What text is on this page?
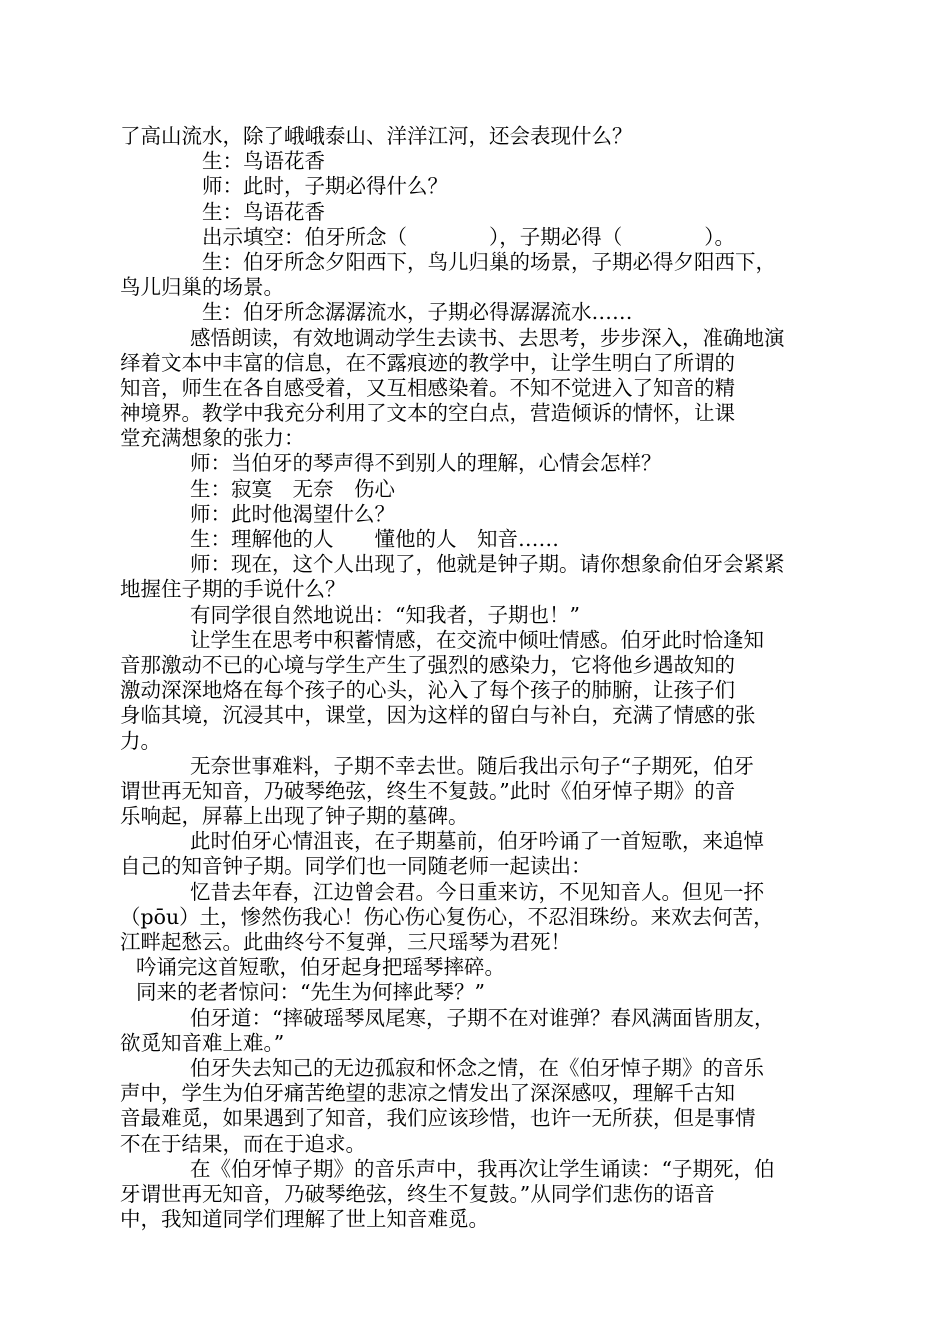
了高山流水，除了峨峨泰山、洋洋江河，还会表现什么？

生：鸟语花香

师：此时，子期必得什么？

生：鸟语花香

出示填空：伯牙所念（　　　　），子期必得（　　　　）。

生：伯牙所念夕阳西下，鸟儿归巢的场景，子期必得夕阳西下，

鸟儿归巢的场景。

生：伯牙所念潺潺流水，子期必得潺潺流水……

感悟朗读，有效地调动学生去读书、去思考，步步深入，准确地演

绎着文本中丰富的信息，在不露痕迹的教学中，让学生明白了所谓的

知音，师生在各自感受着，又互相感染着。不知不觉进入了知音的精

神境界。教学中我充分利用了文本的空白点，营造倾诉的情怀，让课

堂充满想象的张力：

师：当伯牙的琴声得不到别人的理解，心情会怎样？

生：寂寞　无奈　伤心

师：此时他渴望什么？

生：理解他的人　　懂他的人　知音……

师：现在，这个人出现了，他就是钟子期。请你想象俞伯牙会紧紧

地握住子期的手说什么？

有同学很自然地说出：“知我者，子期也！”

让学生在思考中积蓄情感，在交流中倾吐情感。伯牙此时恰逢知

音那激动不已的心境与学生产生了强烈的感染力，它将他乡遇故知的

激动深深地烙在每个孩子的心头，沁入了每个孩子的肺腑，让孩子们

身临其境，沉浸其中，课堂，因为这样的留白与补白，充满了情感的张

力。

无奈世事难料，子期不幸去世。随后我出示句子“子期死，伯牙

谓世再无知音，乃破琴绝弦，终生不复鼓。”此时《伯牙悼子期》的音

乐响起，屏幕上出现了钟子期的墓碑。

此时伯牙心情沮丧，在子期墓前，伯牙吟诵了一首短歌，来追悼

自己的知音钟子期。同学们也一同随老师一起读出：

忆昔去年春，江边曾会君。今日重来访，不见知音人。但见一抔

（pōu）土，惨然伤我心！伤心伤心复伤心，不忍泪珠纷。来欢去何苦，

江畔起愁云。此曲终兮不复弹，三尺瑶琴为君死！

吟诵完这首短歌，伯牙起身把瑶琴摔碎。

同来的老者惊问：“先生为何摔此琴？”

伯牙道：“摔破瑶琴凤尾寒，子期不在对谁弹？春风满面皆朋友，

欲觅知音难上难。”

伯牙失去知己的无边孤寂和怀念之情，在《伯牙悼子期》的音乐

声中，学生为伯牙痛苦绝望的悲凉之情发出了深深感叹，理解千古知

音最难觅，如果遇到了知音，我们应该珍惜，也许一无所获，但是事情

不在于结果，而在于追求。

在《伯牙悼子期》的音乐声中，我再次让学生诵读：“子期死，伯

牙谓世再无知音，乃破琴绝弦，终生不复鼓。”从同学们悲伤的语音

中，我知道同学们理解了世上知音难觅。
